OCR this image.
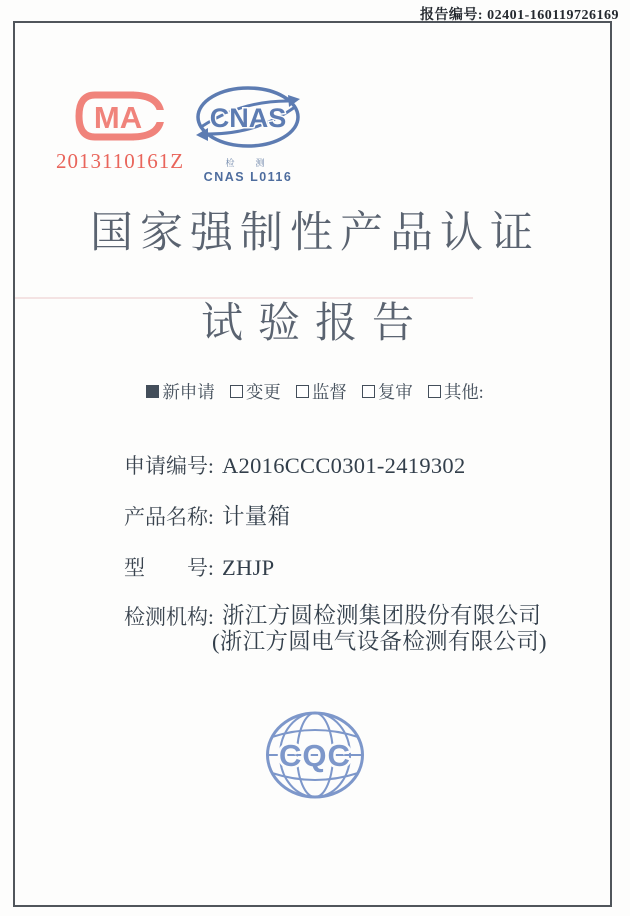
报告编号: 02401-160119726169
MA
2013110161Z
CNAS
检　测
CNAS L0116
国家强制性产品认证
试验报告
新申请 变更 监督 复审 其他:
申请编号: A2016CCC0301-2419302
产品名称: 计量箱
型　　号: ZHJP
检测机构: 浙江方圆检测集团股份有限公司
(浙江方圆电气设备检测有限公司)
CQC
